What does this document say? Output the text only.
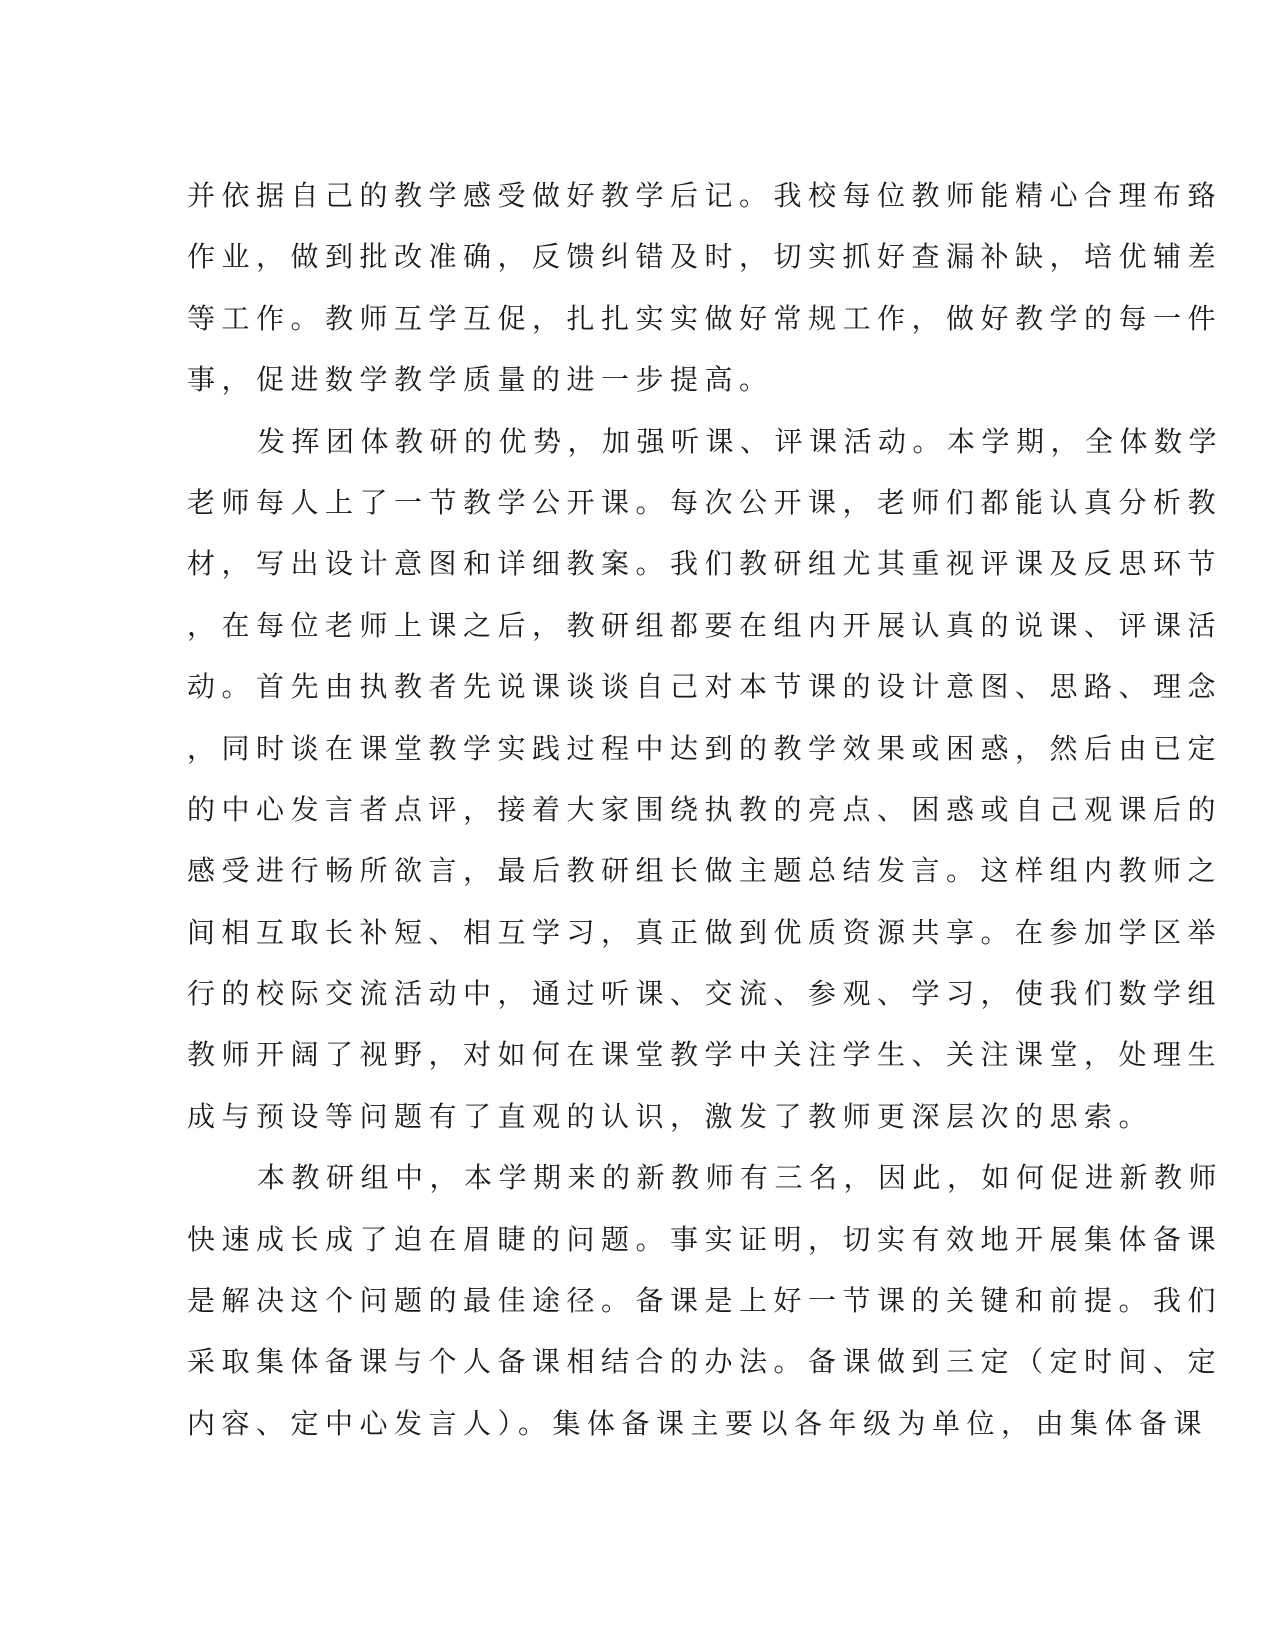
并依据自己的教学感受做好教学后记。我校每位教师能精心合理布臵
作业，做到批改准确，反馈纠错及时，切实抓好查漏补缺，培优辅差
等工作。教师互学互促，扎扎实实做好常规工作，做好教学的每一件
事，促进数学教学质量的进一步提高。
发挥团体教研的优势，加强听课、评课活动。本学期，全体数学
老师每人上了一节教学公开课。每次公开课，老师们都能认真分析教
材，写出设计意图和详细教案。我们教研组尤其重视评课及反思环节
，在每位老师上课之后，教研组都要在组内开展认真的说课、评课活
动。首先由执教者先说课谈谈自己对本节课的设计意图、思路、理念
，同时谈在课堂教学实践过程中达到的教学效果或困惑，然后由已定
的中心发言者点评，接着大家围绕执教的亮点、困惑或自己观课后的
感受进行畅所欲言，最后教研组长做主题总结发言。这样组内教师之
间相互取长补短、相互学习，真正做到优质资源共享。在参加学区举
行的校际交流活动中，通过听课、交流、参观、学习，使我们数学组
教师开阔了视野，对如何在课堂教学中关注学生、关注课堂，处理生
成与预设等问题有了直观的认识，激发了教师更深层次的思索。
本教研组中，本学期来的新教师有三名，因此，如何促进新教师
快速成长成了迫在眉睫的问题。事实证明，切实有效地开展集体备课
是解决这个问题的最佳途径。备课是上好一节课的关键和前提。我们
采取集体备课与个人备课相结合的办法。备课做到三定（定时间、定
内容、定中心发言人）。集体备课主要以各年级为单位，由集体备课
